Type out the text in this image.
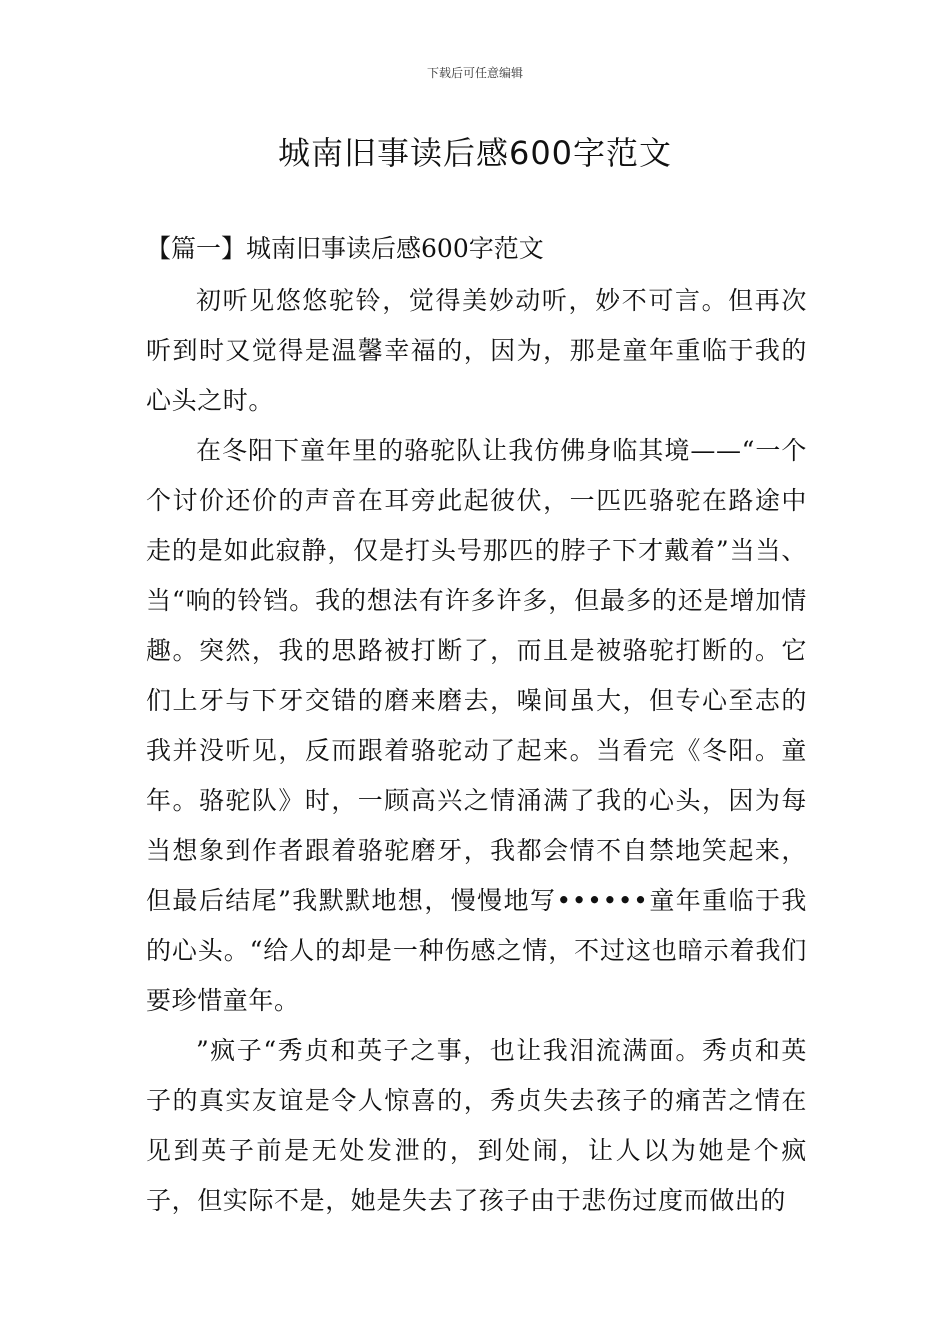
下载后可任意编辑
城南旧事读后感600字范文
【篇一】城南旧事读后感600字范文

初听见悠悠驼铃，觉得美妙动听，妙不可言。但再次听到时又觉得是温馨幸福的，因为，那是童年重临于我的心头之时。

在冬阳下童年里的骆驼队让我仿佛身临其境——“一个个讨价还价的声音在耳旁此起彼伏，一匹匹骆驼在路途中走的是如此寂静，仅是打头号那匹的脖子下才戴着”当当、当“响的铃铛。我的想法有许多许多，但最多的还是增加情趣。突然，我的思路被打断了，而且是被骆驼打断的。它们上牙与下牙交错的磨来磨去，噪间虽大，但专心至志的我并没听见，反而跟着骆驼动了起来。当看完《冬阳。童年。骆驼队》时，一顾高兴之情涌满了我的心头，因为每当想象到作者跟着骆驼磨牙，我都会情不自禁地笑起来，但最后结尾”我默默地想，慢慢地写••••••童年重临于我的心头。“给人的却是一种伤感之情，不过这也暗示着我们要珍惜童年。

”疯子“秀贞和英子之事，也让我泪流满面。秀贞和英子的真实友谊是令人惊喜的，秀贞失去孩子的痛苦之情在见到英子前是无处发泄的，到处闹，让人以为她是个疯子，但实际不是，她是失去了孩子由于悲伤过度而做出的
